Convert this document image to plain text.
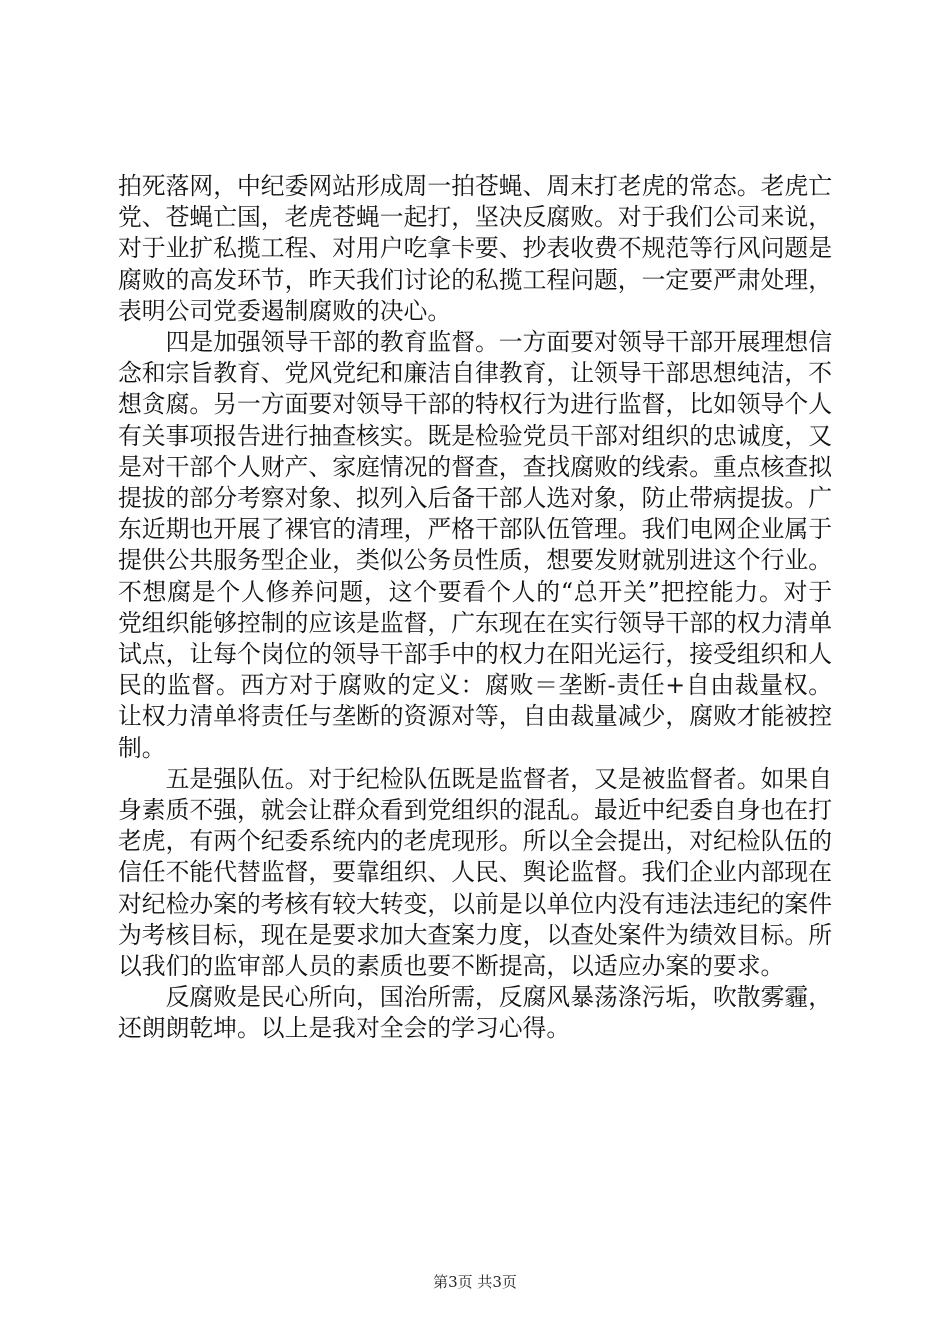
拍死落网，中纪委网站形成周一拍苍蝇、周末打老虎的常态。老虎亡党、苍蝇亡国，老虎苍蝇一起打，坚决反腐败。对于我们公司来说，对于业扩私揽工程、对用户吃拿卡要、抄表收费不规范等行风问题是腐败的高发环节，昨天我们讨论的私揽工程问题，一定要严肃处理，表明公司党委遏制腐败的决心。

四是加强领导干部的教育监督。一方面要对领导干部开展理想信念和宗旨教育、党风党纪和廉洁自律教育，让领导干部思想纯洁，不想贪腐。另一方面要对领导干部的特权行为进行监督，比如领导个人有关事项报告进行抽查核实。既是检验党员干部对组织的忠诚度，又是对干部个人财产、家庭情况的督查，查找腐败的线索。重点核查拟提拔的部分考察对象、拟列入后备干部人选对象，防止带病提拔。广东近期也开展了裸官的清理，严格干部队伍管理。我们电网企业属于提供公共服务型企业，类似公务员性质，想要发财就别进这个行业。不想腐是个人修养问题，这个要看个人的“总开关”把控能力。对于党组织能够控制的应该是监督，广东现在在实行领导干部的权力清单试点，让每个岗位的领导干部手中的权力在阳光运行，接受组织和人民的监督。西方对于腐败的定义：腐败＝垄断-责任+自由裁量权。让权力清单将责任与垄断的资源对等，自由裁量减少，腐败才能被控制。

五是强队伍。对于纪检队伍既是监督者，又是被监督者。如果自身素质不强，就会让群众看到党组织的混乱。最近中纪委自身也在打老虎，有两个纪委系统内的老虎现形。所以全会提出，对纪检队伍的信任不能代替监督，要靠组织、人民、舆论监督。我们企业内部现在对纪检办案的考核有较大转变，以前是以单位内没有违法违纪的案件为考核目标，现在是要求加大查案力度，以查处案件为绩效目标。所以我们的监审部人员的素质也要不断提高，以适应办案的要求。

反腐败是民心所向，国治所需，反腐风暴荡涤污垢，吹散雾霾，还朗朗乾坤。以上是我对全会的学习心得。

第3页 共3页
